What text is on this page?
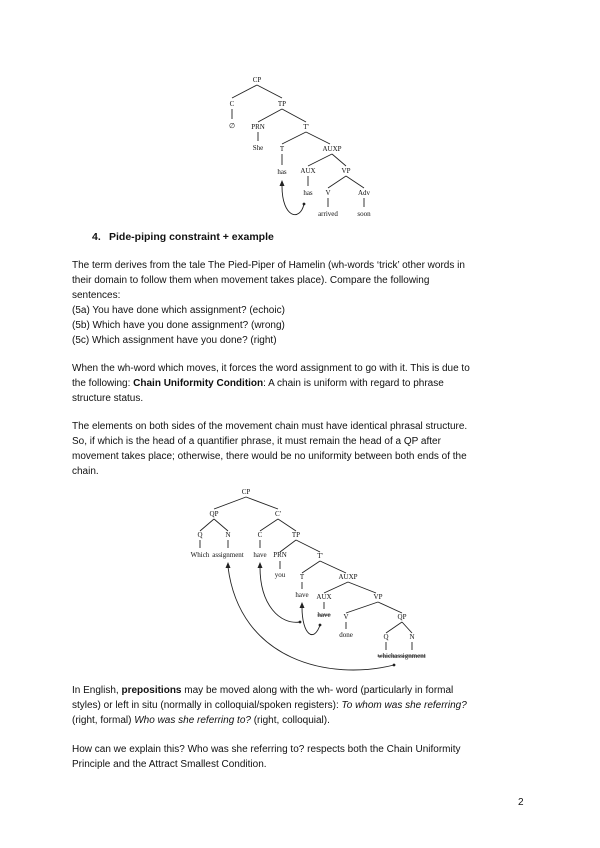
CP
C	TP
∅ PRN	T'
She T	AUXP
has AUX	VP
has V	Adv
arrived	soon

4. Pide-piping constraint + example

The term derives from the tale The Pied-Piper of Hamelin (wh-words ‘trick’ other words in
their domain to follow them when movement takes place). Compare the following
sentences:
(5a) You have done which assignment? (echoic)
(5b) Which have you done assignment? (wrong)
(5c) Which assignment have you done? (right)

When the wh-word which moves, it forces the word assignment to go with it. This is due to
the following: Chain Uniformity Condition: A chain is uniform with regard to phrase
structure status.

The elements on both sides of the movement chain must have identical phrasal structure.
So, if which is the head of a quantifier phrase, it must remain the head of a QP after
movement takes place; otherwise, there would be no uniformity between both ends of the
chain.

CP
QP	C'
Q	N	C	TP
Which assignment have PRN	T'
you T	AUXP
have AUX	VP
have V	QP
done	Q	N
which assignment

In English, prepositions may be moved along with the wh- word (particularly in formal
styles) or left in situ (normally in colloquial/spoken registers): To whom was she referring?
(right, formal) Who was she referring to? (right, colloquial).

How can we explain this? Who was she referring to? respects both the Chain Uniformity
Principle and the Attract Smallest Condition.

2
